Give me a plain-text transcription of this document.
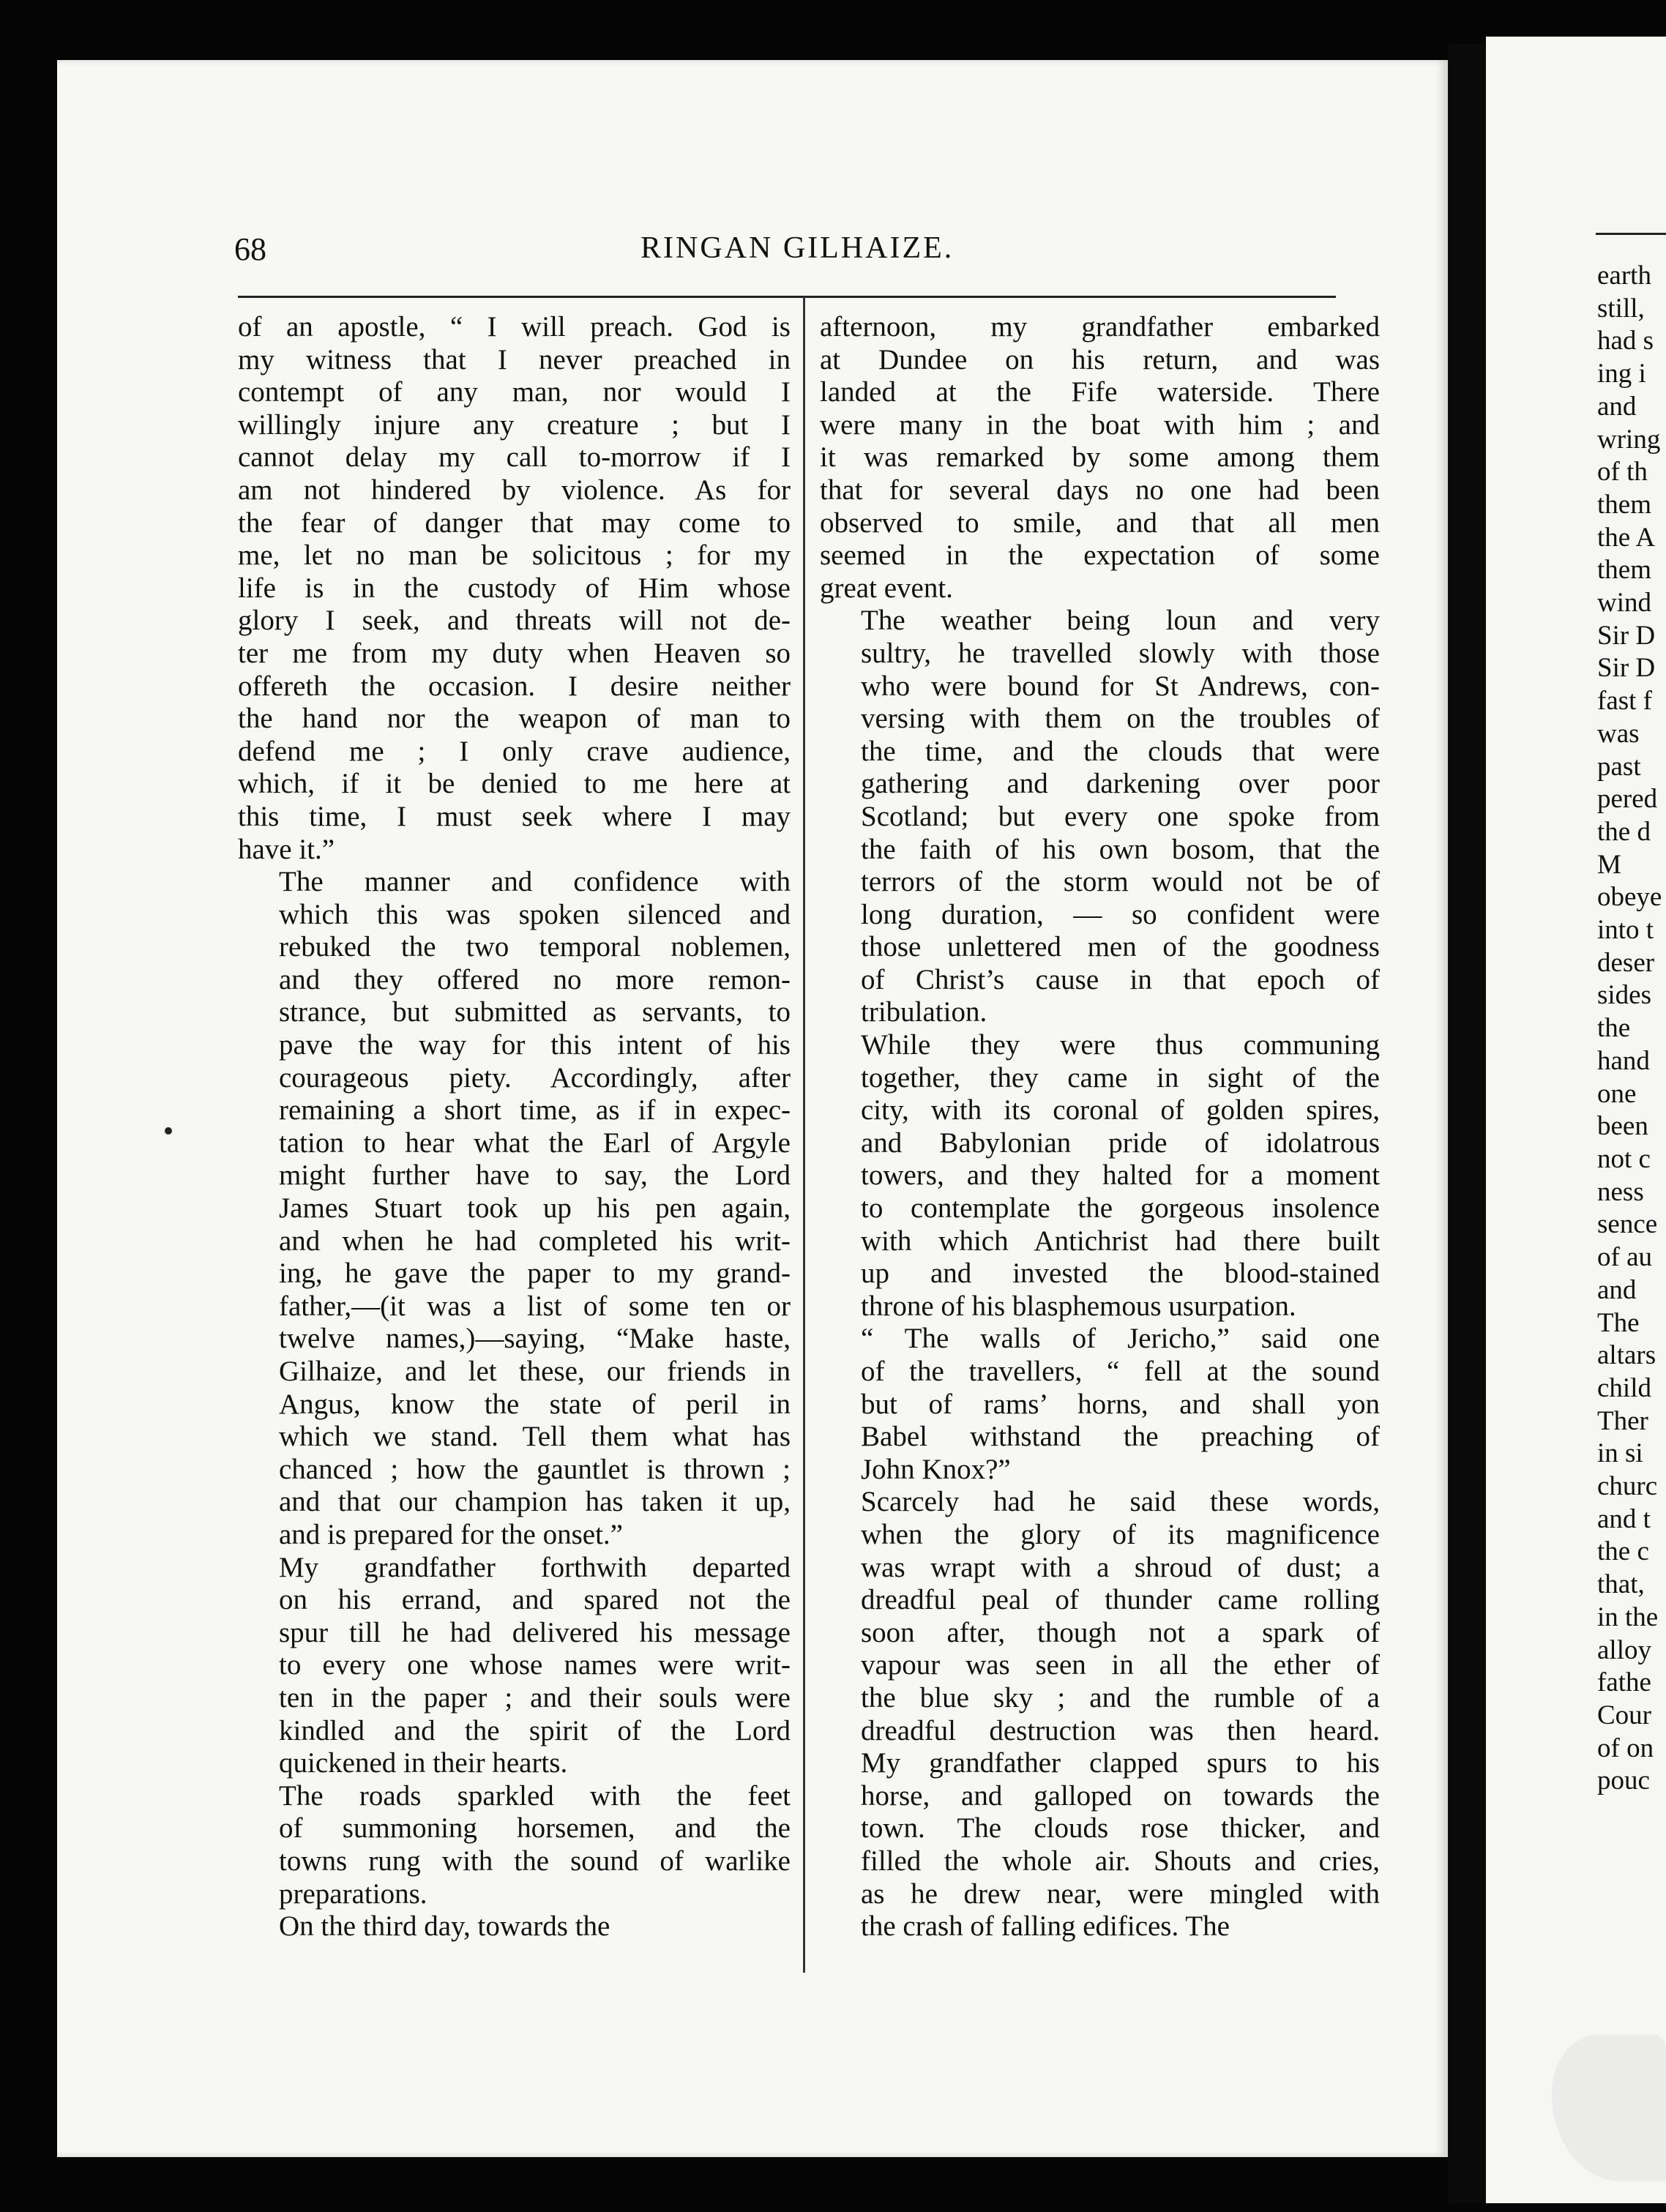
68	RINGAN GILHAIZE.

of an apostle, “ I will preach. God is
my witness that I never preached in
contempt of any man, nor would I
willingly injure any creature ; but I
cannot delay my call to-morrow if I
am not hindered by violence. As for
the fear of danger that may come to
me, let no man be solicitous ; for my
life is in the custody of Him whose
glory I seek, and threats will not de-
ter me from my duty when Heaven so
offereth the occasion. I desire neither
the hand nor the weapon of man to
defend me ; I only crave audience,
which, if it be denied to me here at
this time, I must seek where I may
have it.”

The manner and confidence with
which this was spoken silenced and
rebuked the two temporal noblemen,
and they offered no more remon-
strance, but submitted as servants, to
pave the way for this intent of his
courageous piety. Accordingly, after
remaining a short time, as if in expec-
tation to hear what the Earl of Argyle
might further have to say, the Lord
James Stuart took up his pen again,
and when he had completed his writ-
ing, he gave the paper to my grand-
father,—(it was a list of some ten or
twelve names,)—saying, “Make haste,
Gilhaize, and let these, our friends in
Angus, know the state of peril in
which we stand. Tell them what has
chanced ; how the gauntlet is thrown ;
and that our champion has taken it up,
and is prepared for the onset.”

My grandfather forthwith departed
on his errand, and spared not the
spur till he had delivered his message
to every one whose names were writ-
ten in the paper ; and their souls were
kindled and the spirit of the Lord
quickened in their hearts.

The roads sparkled with the feet
of summoning horsemen, and the
towns rung with the sound of warlike
preparations.

On the third day, towards the

afternoon, my grandfather embarked
at Dundee on his return, and was
landed at the Fife waterside. There
were many in the boat with him ; and
it was remarked by some among them
that for several days no one had been
observed to smile, and that all men
seemed in the expectation of some
great event.

The weather being loun and very
sultry, he travelled slowly with those
who were bound for St Andrews, con-
versing with them on the troubles of
the time, and the clouds that were
gathering and darkening over poor
Scotland; but every one spoke from
the faith of his own bosom, that the
terrors of the storm would not be of
long duration, — so confident were
those unlettered men of the goodness
of Christ’s cause in that epoch of
tribulation.

While they were thus communing
together, they came in sight of the
city, with its coronal of golden spires,
and Babylonian pride of idolatrous
towers, and they halted for a moment
to contemplate the gorgeous insolence
with which Antichrist had there built
up and invested the blood-stained
throne of his blasphemous usurpation.

“ The walls of Jericho,” said one
of the travellers, “ fell at the sound
but of rams’ horns, and shall yon
Babel withstand the preaching of
John Knox?”

Scarcely had he said these words,
when the glory of its magnificence
was wrapt with a shroud of dust; a
dreadful peal of thunder came rolling
soon after, though not a spark of
vapour was seen in all the ether of
the blue sky ; and the rumble of a
dreadful destruction was then heard.
My grandfather clapped spurs to his
horse, and galloped on towards the
town. The clouds rose thicker, and
filled the whole air. Shouts and cries,
as he drew near, were mingled with
the crash of falling edifices. The

earth
still,
had s
ing i
and
wring
of th
them
the A
them
wind
Sir D
Sir D
fast f
was
past
pered
the d
M
obeye
into t
deser
sides
the
hand
one
been
not c
ness
sence
of au
and
The
altars
child
Ther
in si
churc
and t
the c
that,
in the
alloy
fathe
Cour
of on
pouc
